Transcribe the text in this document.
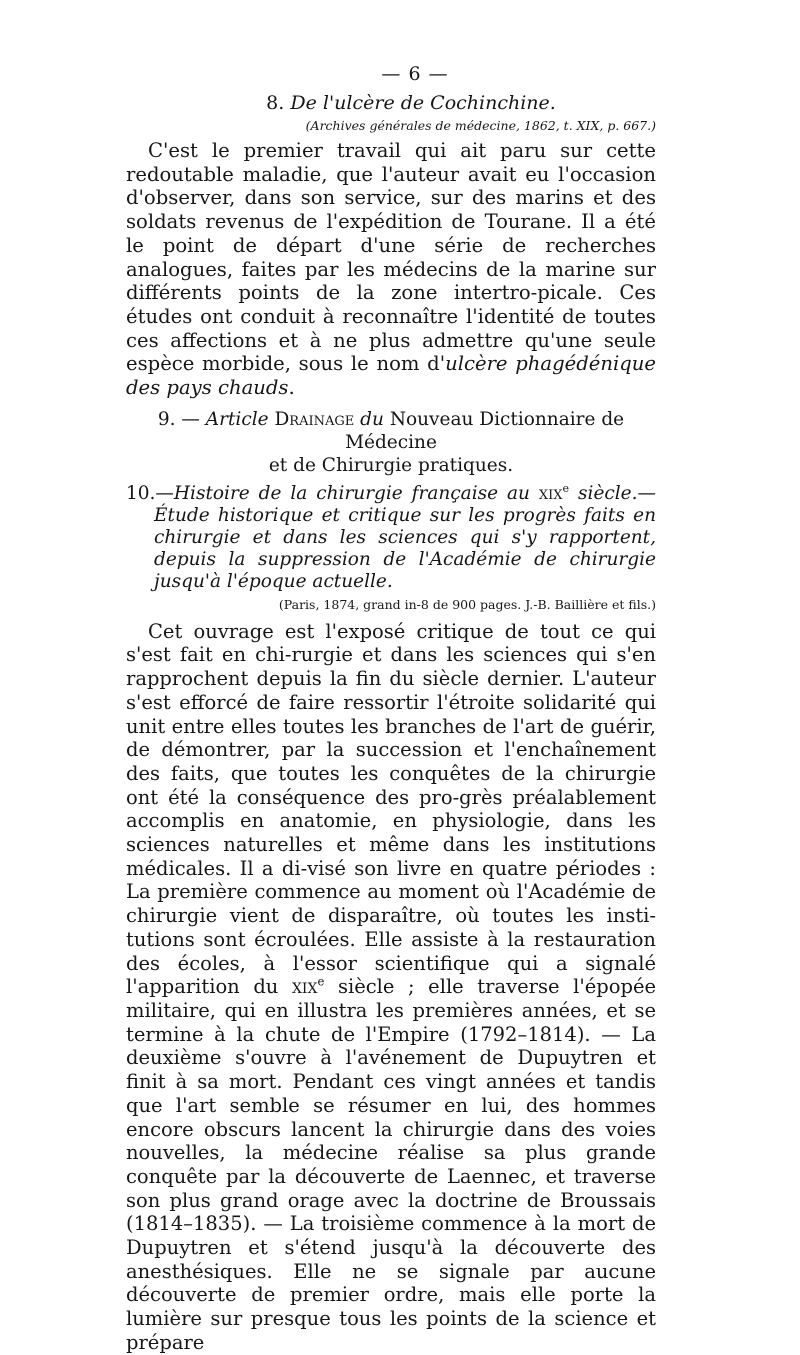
— 6 —
8. De l'ulcère de Cochinchine.
(Archives générales de médecine, 1862, t. XIX, p. 667.)

C'est le premier travail qui ait paru sur cette redoutable maladie, que l'auteur avait eu l'occasion d'observer, dans son service, sur des marins et des soldats revenus de l'expédition de Tourane. Il a été le point de départ d'une série de recherches analogues, faites par les médecins de la marine sur différents points de la zone intertro-picale. Ces études ont conduit à reconnaître l'identité de toutes ces affections et à ne plus admettre qu'une seule espèce morbide, sous le nom d'ulcère phagédénique des pays chauds.

9. — Article Drainage du Nouveau Dictionnaire de Médecine
et de Chirurgie pratiques.

10.—Histoire de la chirurgie française au xix$^e$ siècle.—Étude historique et critique sur les progrès faits en chirurgie et dans les sciences qui s'y rapportent, depuis la suppression de l'Académie de chirurgie jusqu'à l'époque actuelle.

(Paris, 1874, grand in-8 de 900 pages. J.-B. Baillière et fils.)

Cet ouvrage est l'exposé critique de tout ce qui s'est fait en chi-rurgie et dans les sciences qui s'en rapprochent depuis la fin du siècle dernier. L'auteur s'est efforcé de faire ressortir l'étroite solidarité qui unit entre elles toutes les branches de l'art de guérir, de démontrer, par la succession et l'enchaînement des faits, que toutes les conquêtes de la chirurgie ont été la conséquence des pro-grès préalablement accomplis en anatomie, en physiologie, dans les sciences naturelles et même dans les institutions médicales. Il a di-visé son livre en quatre périodes : La première commence au moment où l'Académie de chirurgie vient de disparaître, où toutes les insti-tutions sont écroulées. Elle assiste à la restauration des écoles, à l'essor scientifique qui a signalé l'apparition du xix$^e$ siècle ; elle traverse l'épopée militaire, qui en illustra les premières années, et se termine à la chute de l'Empire (1792–1814). — La deuxième s'ouvre à l'avénement de Dupuytren et finit à sa mort. Pendant ces vingt années et tandis que l'art semble se résumer en lui, des hommes encore obscurs lancent la chirurgie dans des voies nouvelles, la médecine réalise sa plus grande conquête par la découverte de Laennec, et traverse son plus grand orage avec la doctrine de Broussais (1814–1835). — La troisième commence à la mort de Dupuytren et s'étend jusqu'à la découverte des anesthésiques. Elle ne se signale par aucune découverte de premier ordre, mais elle porte la lumière sur presque tous les points de la science et prépare
